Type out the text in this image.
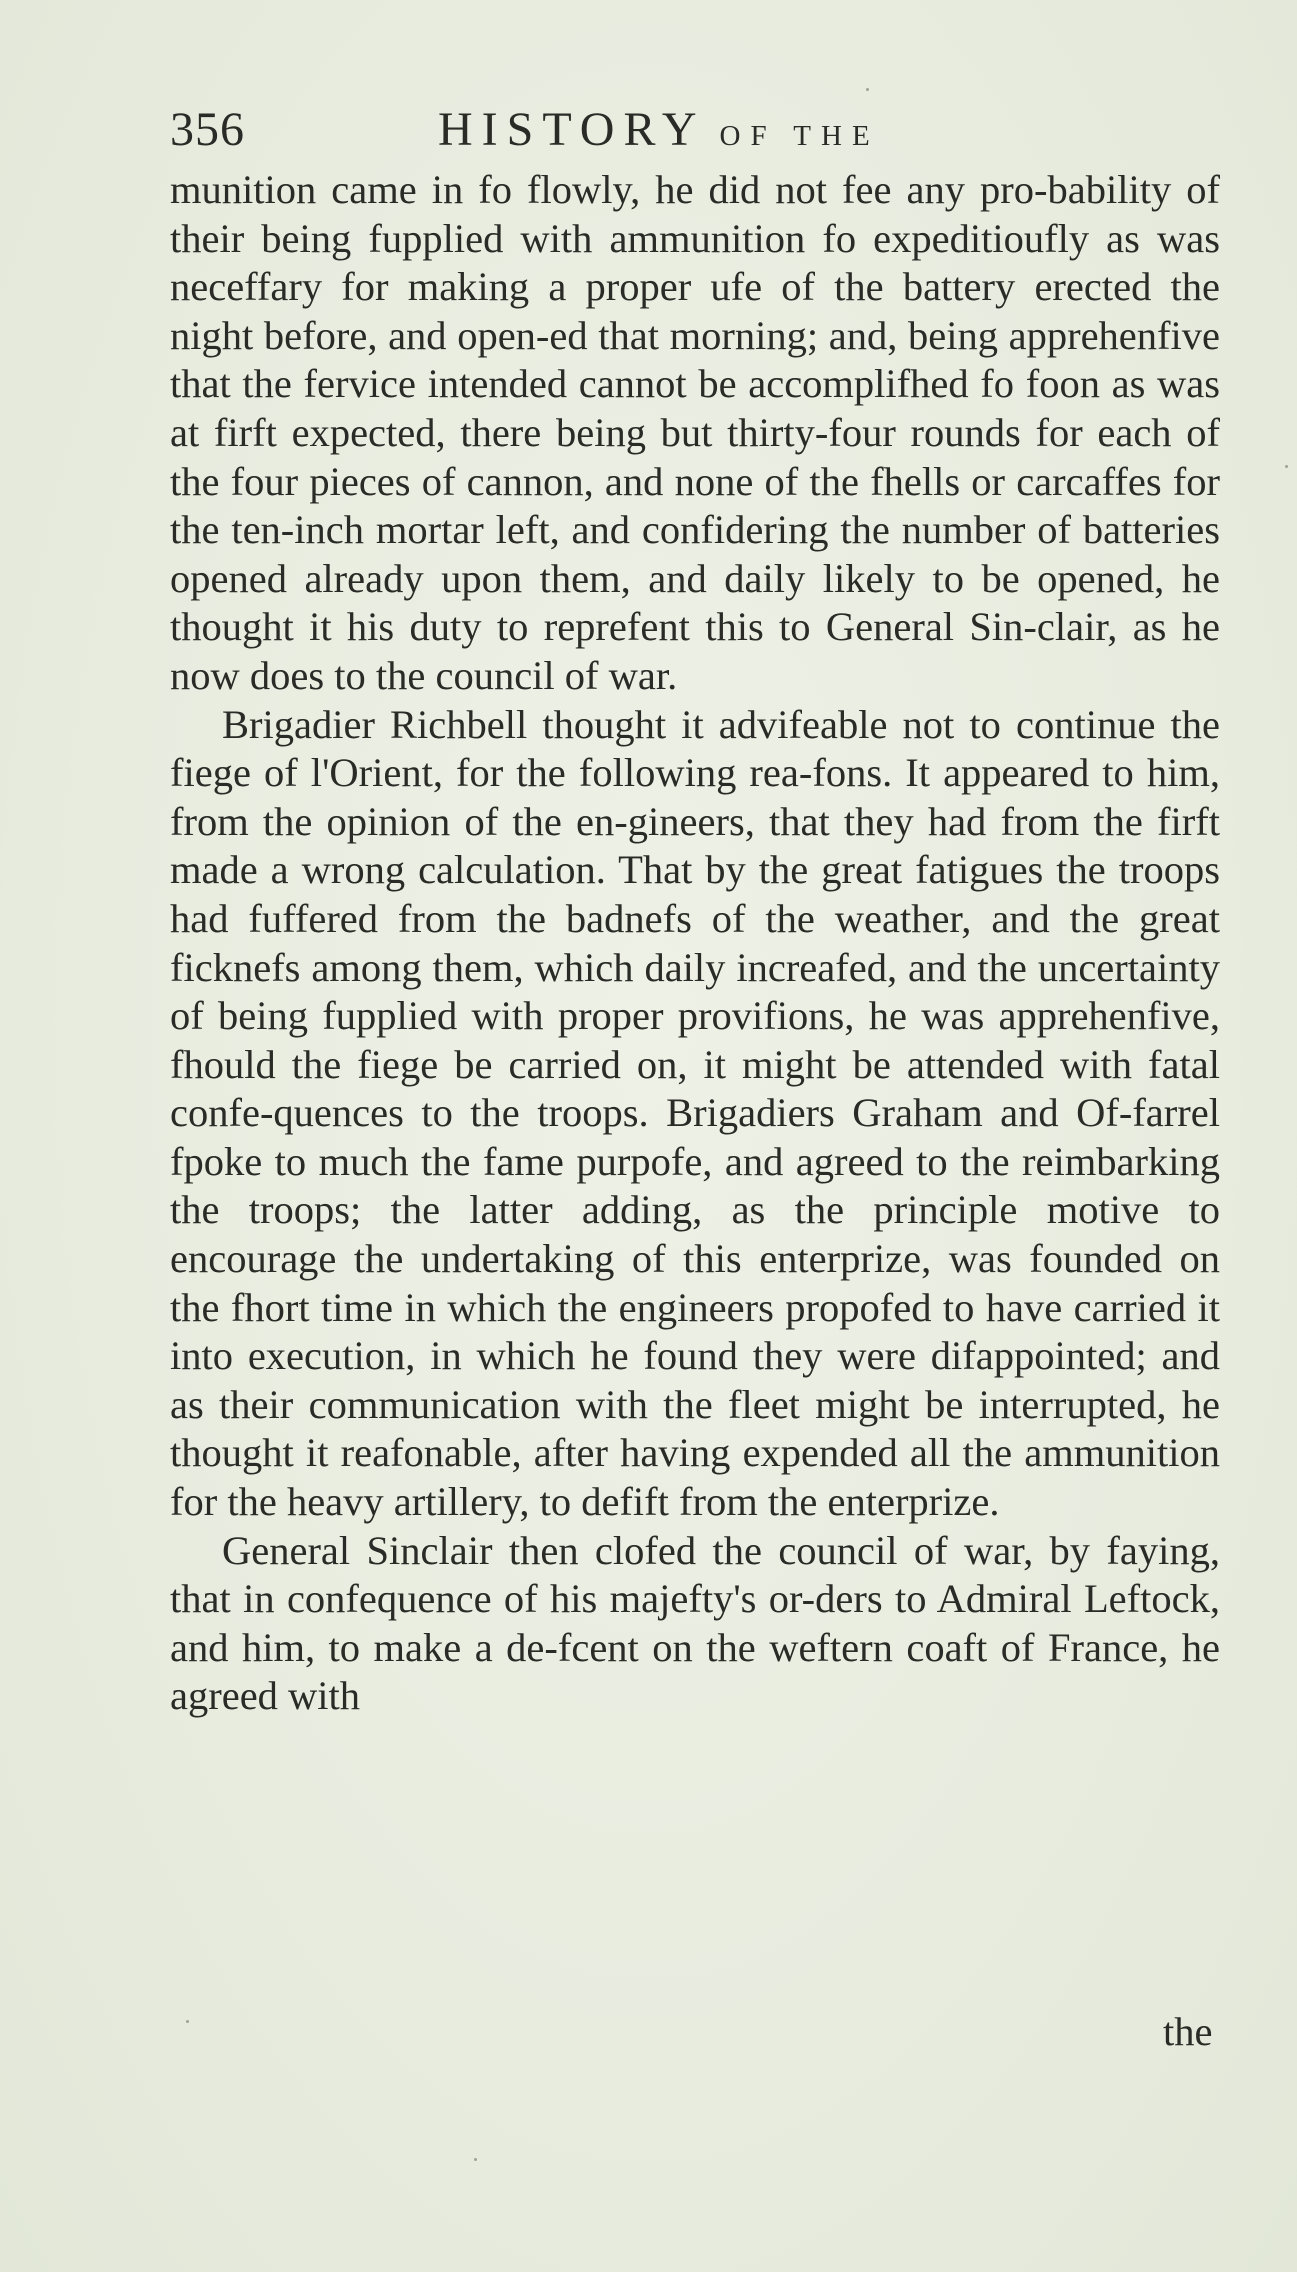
356	HISTORY OF THE

munition came in fo flowly, he did not fee any pro-bability of their being fupplied with ammunition fo expeditioufly as was neceffary for making a proper ufe of the battery erected the night before, and open-ed that morning; and, being apprehenfive that the fervice intended cannot be accomplifhed fo foon as was at firft expected, there being but thirty-four rounds for each of the four pieces of cannon, and none of the fhells or carcaffes for the ten-inch mortar left, and confidering the number of batteries opened already upon them, and daily likely to be opened, he thought it his duty to reprefent this to General Sin-clair, as he now does to the council of war.

Brigadier Richbell thought it advifeable not to continue the fiege of l'Orient, for the following rea-fons. It appeared to him, from the opinion of the en-gineers, that they had from the firft made a wrong calculation. That by the great fatigues the troops had fuffered from the badnefs of the weather, and the great ficknefs among them, which daily increafed, and the uncertainty of being fupplied with proper provifions, he was apprehenfive, fhould the fiege be carried on, it might be attended with fatal confe-quences to the troops. Brigadiers Graham and Of-farrel fpoke to much the fame purpofe, and agreed to the reimbarking the troops; the latter adding, as the principle motive to encourage the undertaking of this enterprize, was founded on the fhort time in which the engineers propofed to have carried it into execution, in which he found they were difappointed; and as their communication with the fleet might be interrupted, he thought it reafonable, after having expended all the ammunition for the heavy artillery, to defift from the enterprize.

General Sinclair then clofed the council of war, by faying, that in confequence of his majefty's or-ders to Admiral Leftock, and him, to make a de-fcent on the weftern coaft of France, he agreed with

the
